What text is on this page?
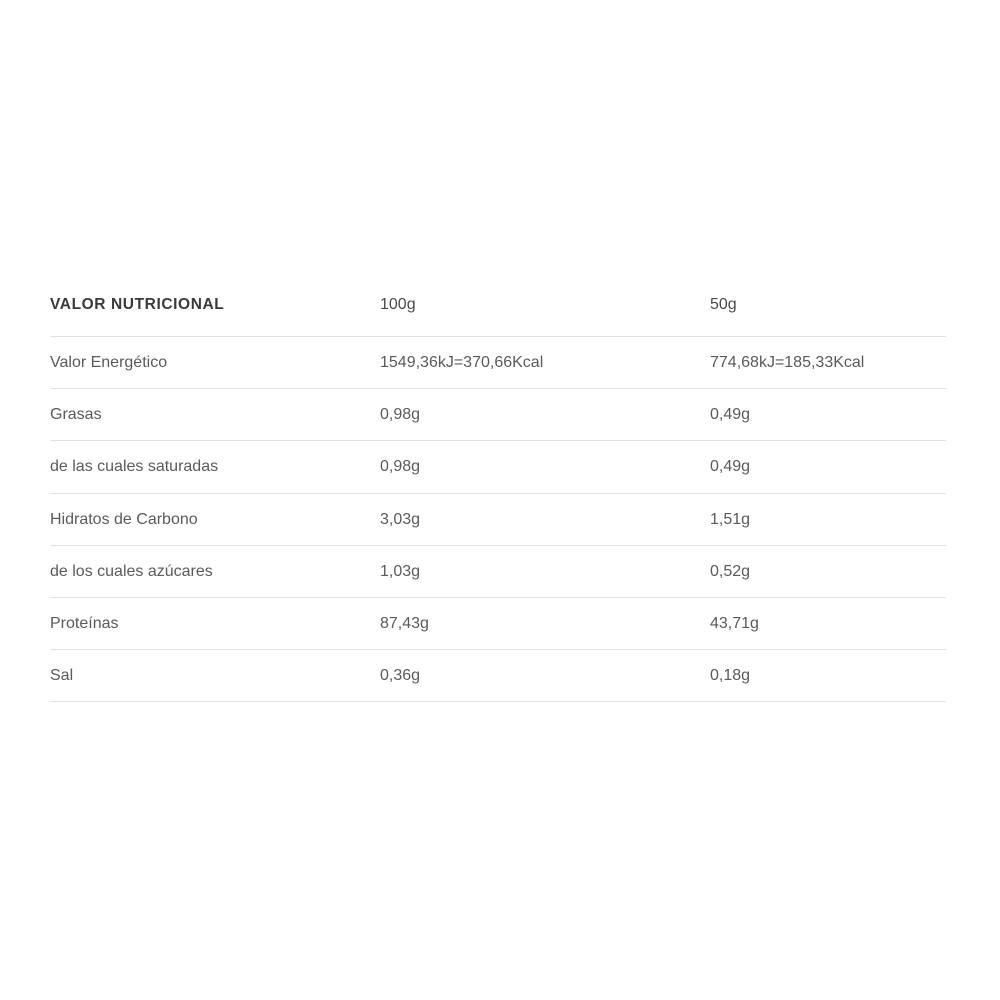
VALOR NUTRICIONAL	100g	50g
Valor Energético	1549,36kJ=370,66Kcal	774,68kJ=185,33Kcal
Grasas	0,98g	0,49g
de las cuales saturadas	0,98g	0,49g
Hidratos de Carbono	3,03g	1,51g
de los cuales azúcares	1,03g	0,52g
Proteínas	87,43g	43,71g
Sal	0,36g	0,18g
